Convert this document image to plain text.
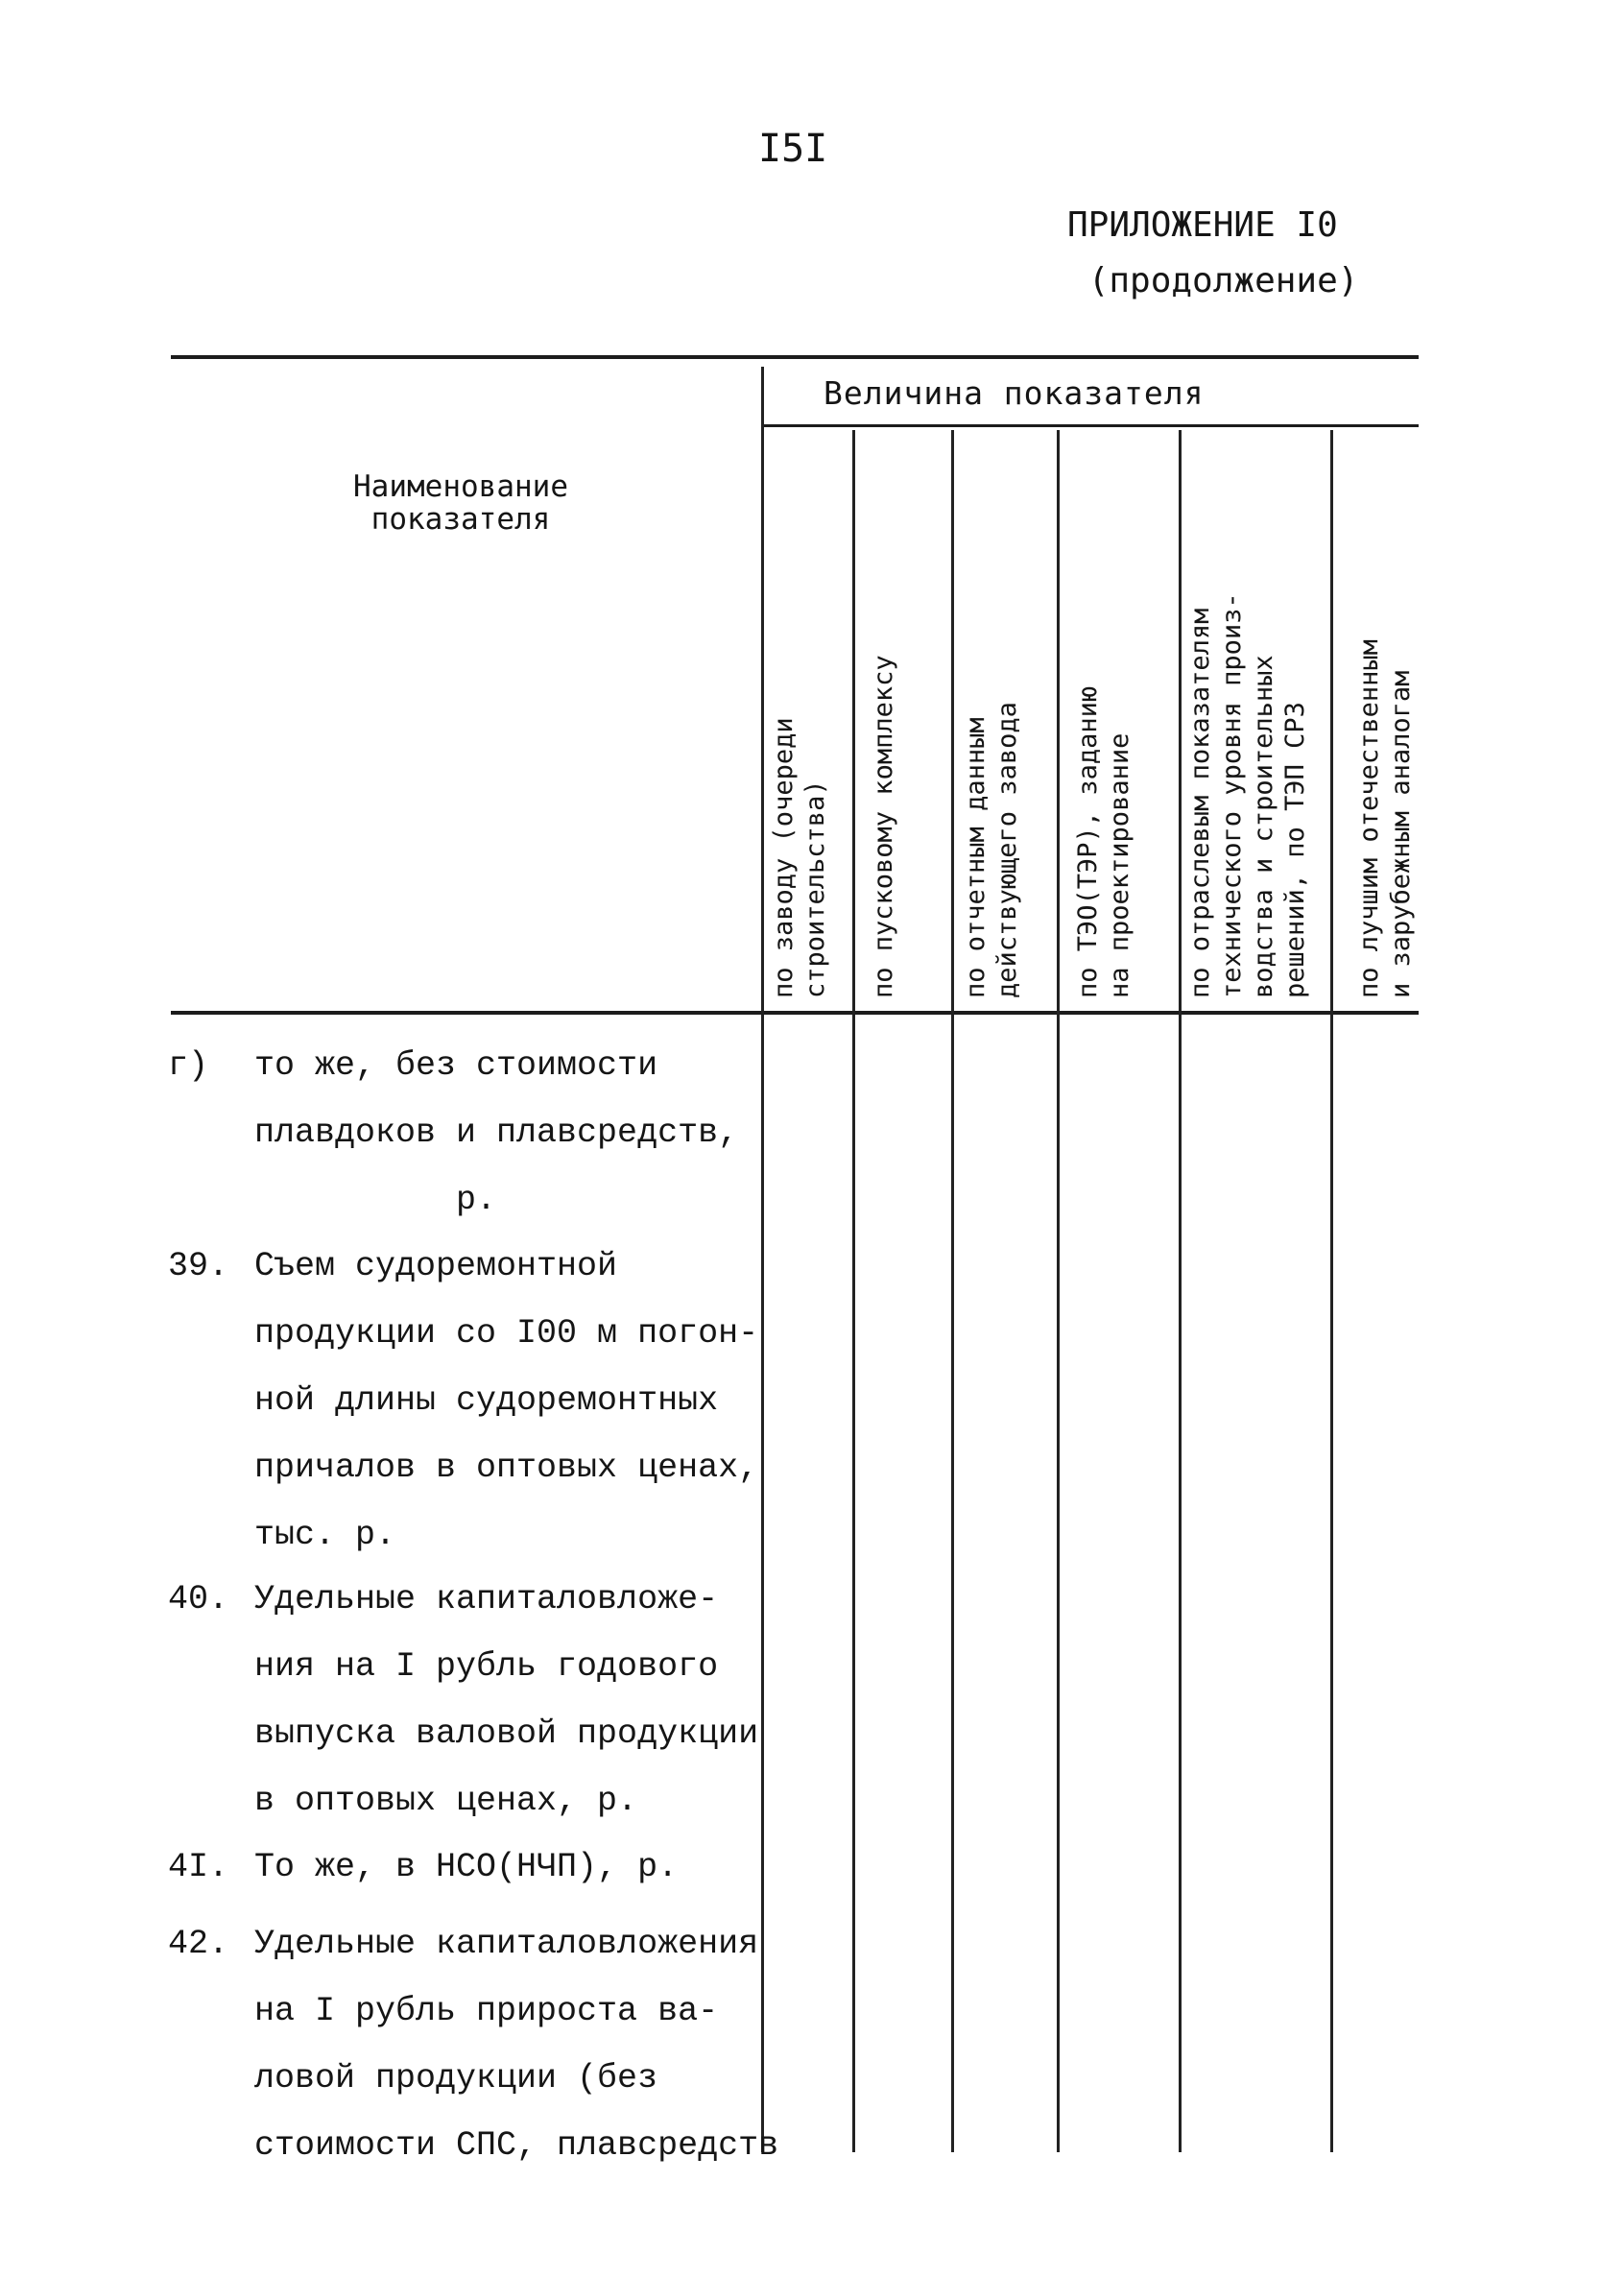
I5I
ПРИЛОЖЕНИЕ I0
(продолжение)
Наименование показателя
Величина показателя
по заводу (очереди
строительства) по пусковому комплексу по отчетным данным
действующего завода
по ТЭО(ТЭР), заданию
на проектирование
по отраслевым показателям
технического уровня произ-
водства и строительных
решений, по ТЭП СРЗ
по лучшим отечественным
и зарубежным аналогам
г)	то же, без стоимости
плавдоков и плавсредств,
р.
39. Съем судоремонтной
продукции со I00 м погон-
ной длины судоремонтных
причалов в оптовых ценах,
тыс. р.
40. Удельные капиталовложе-
ния на I рубль годового
выпуска валовой продукции
в оптовых ценах, р.
4I. То же, в НСО(НЧП), р.
42. Удельные капиталовложения
на I рубль прироста ва-
ловой продукции (без
стоимости СПС, плавсредств
